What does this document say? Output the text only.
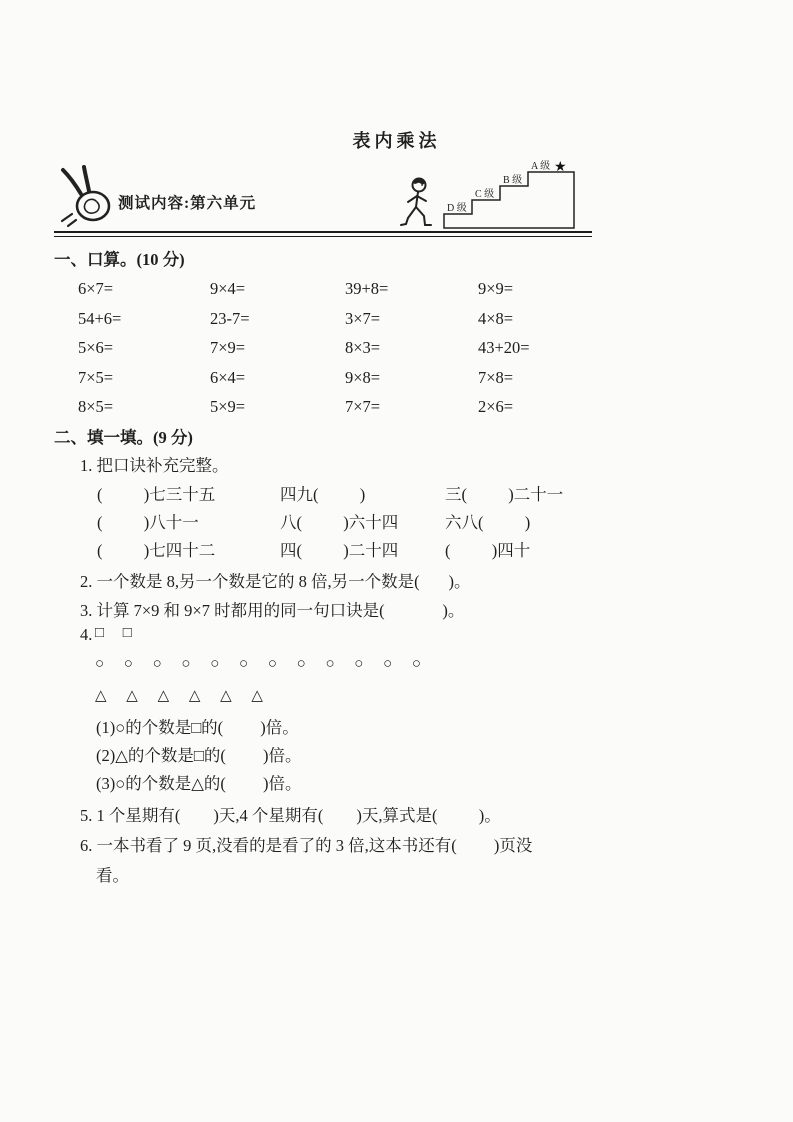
表内乘法
测试内容:第六单元	D 级
C 级
B 级
A 级 ★
一、口算。(10 分)
6×7=	9×4=	39+8=	9×9=
54+6=	23-7=	3×7=	4×8=
5×6=	7×9=	8×3=	43+20=
7×5=	6×4=	9×8=	7×8=
8×5=	5×9=	7×7=	2×6=
二、填一填。(9 分)
1. 把口诀补充完整。
(          )七三十五	四九(          )	三(          )二十一
(          )八十一	八(          )六十四	六八(          )
(          )七四十二	四(          )二十四	(          )四十
2. 一个数是 8,另一个数是它的 8 倍,另一个数是(       )。
3. 计算 7×9 和 9×7 时都用的同一句口诀是(              )。
4. □ □
○ ○ ○ ○ ○ ○ ○ ○ ○ ○ ○ ○
△ △ △ △ △ △
(1)○的个数是□的(         )倍。
(2)△的个数是□的(         )倍。
(3)○的个数是△的(         )倍。
5. 1 个星期有(        )天,4 个星期有(        )天,算式是(          )。
6. 一本书看了 9 页,没看的是看了的 3 倍,这本书还有(         )页没
看。
